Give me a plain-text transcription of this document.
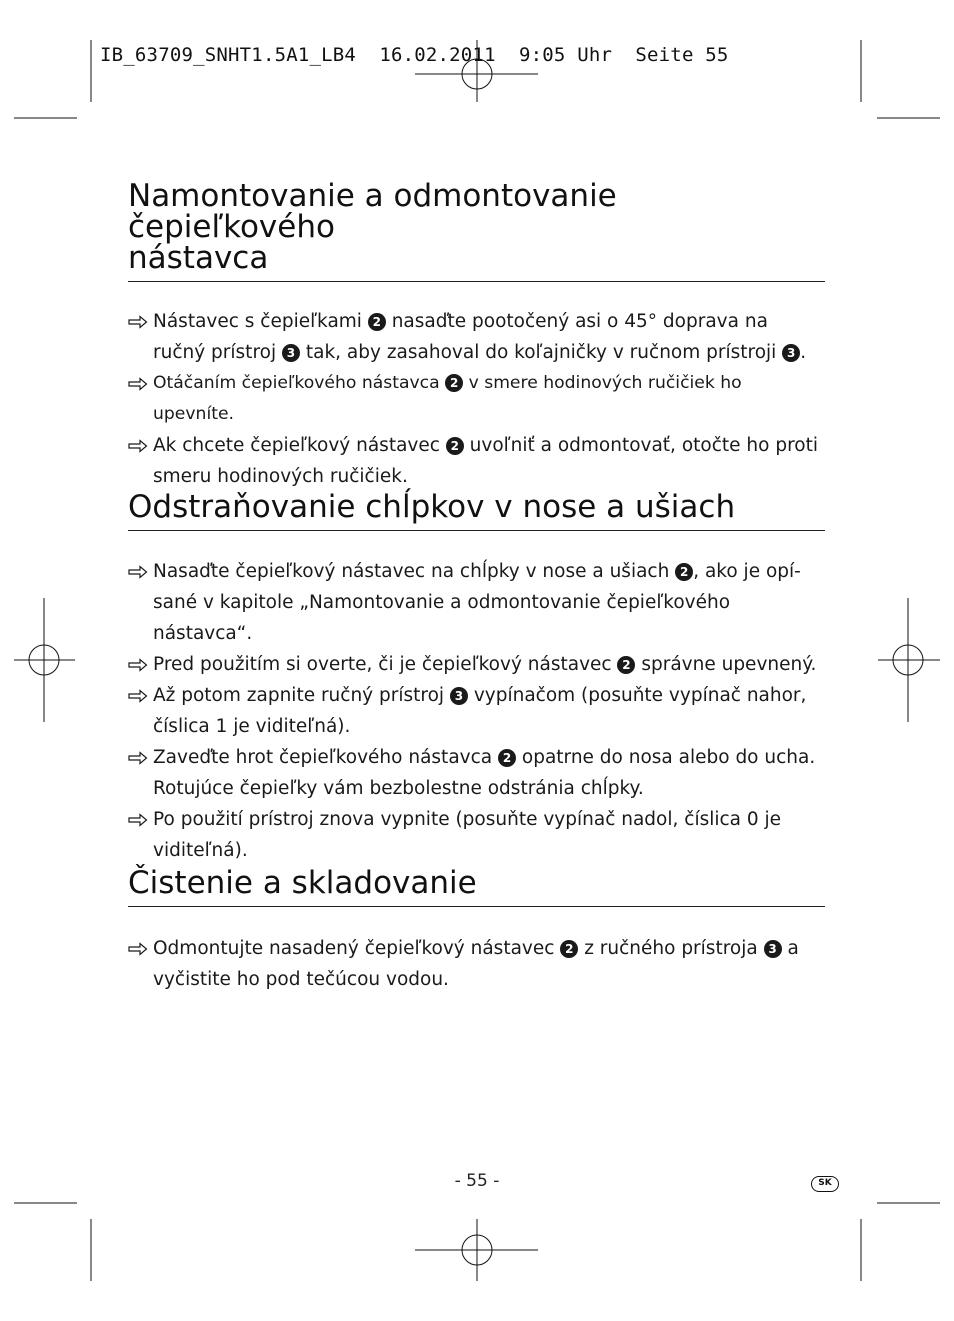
IB_63709_SNHT1.5A1_LB4  16.02.2011  9:05 Uhr  Seite 55
Namontovanie a odmontovanie čepieľkového
nástavca
Nástavec s čepieľkami 2 nasaďte pootočený asi o 45° doprava na
ručný prístroj 3 tak, aby zasahoval do koľajničky v ručnom prístroji 3 .
Otáčaním čepieľkového nástavca 2 v smere hodinových ručičiek ho upevníte.
Ak chcete čepieľkový nástavec 2 uvoľniť a odmontovať, otočte ho proti
smeru hodinových ručičiek.
Odstraňovanie chĺpkov v nose a ušiach
Nasaďte čepieľkový nástavec na chĺpky v nose a ušiach 2 , ako je opí-
sané v kapitole „Namontovanie a odmontovanie čepieľkového nástavca“.
Pred použitím si overte, či je čepieľkový nástavec 2 správne upevnený.
Až potom zapnite ručný prístroj 3 vypínačom (posuňte vypínač nahor,
číslica 1 je viditeľná).
Zaveďte hrot čepieľkového nástavca 2 opatrne do nosa alebo do ucha.
Rotujúce čepieľky vám bezbolestne odstránia chĺpky.
Po použití prístroj znova vypnite (posuňte vypínač nadol, číslica 0 je
viditeľná).
Čistenie a skladovanie
Odmontujte nasadený čepieľkový nástavec 2 z ručného prístroja 3 a
vyčistite ho pod tečúcou vodou.
- 55 -	SK
